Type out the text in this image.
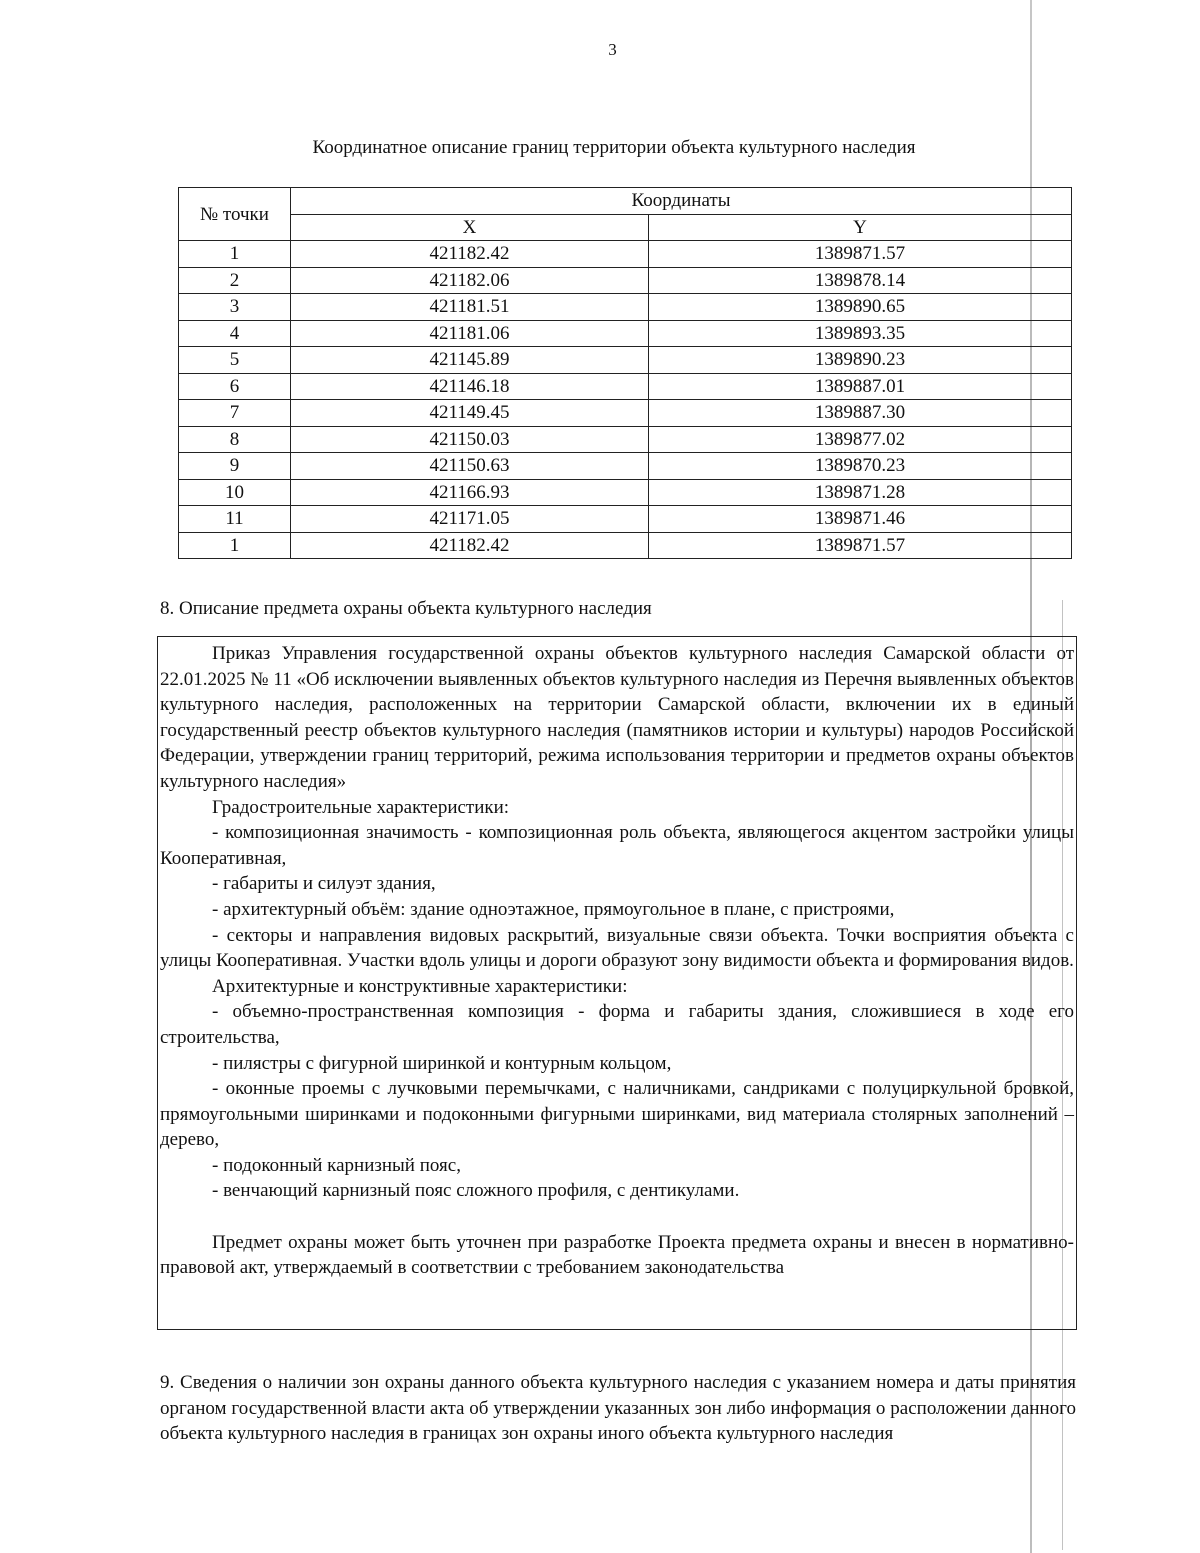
3
Координатное описание границ территории объекта культурного наследия
№ точки	Координаты	
	X	Y
1	421182.42	1389871.57
2	421182.06	1389878.14
3	421181.51	1389890.65
4	421181.06	1389893.35
5	421145.89	1389890.23
6	421146.18	1389887.01
7	421149.45	1389887.30
8	421150.03	1389877.02
9	421150.63	1389870.23
10	421166.93	1389871.28
11	421171.05	1389871.46
1	421182.42	1389871.57
8. Описание предмета охраны объекта культурного наследия

Приказ Управления государственной охраны объектов культурного наследия Самарской области от 22.01.2025 № 11 «Об исключении выявленных объектов культурного наследия из Перечня выявленных объектов культурного наследия, расположенных на территории Самарской области, включении их в единый государственный реестр объектов культурного наследия (памятников истории и культуры) народов Российской Федерации, утверждении границ территорий, режима использования территории и предметов охраны объектов культурного наследия»

Градостроительные характеристики:

- композиционная значимость - композиционная роль объекта, являющегося акцентом застройки улицы Кооперативная,

- габариты и силуэт здания,

- архитектурный объём: здание одноэтажное, прямоугольное в плане, с пристроями,

- секторы и направления видовых раскрытий, визуальные связи объекта. Точки восприятия объекта с улицы Кооперативная. Участки вдоль улицы и дороги образуют зону видимости объекта и формирования видов.

Архитектурные и конструктивные характеристики:

- объемно-пространственная композиция - форма и габариты здания, сложившиеся в ходе его строительства,

- пилястры с фигурной ширинкой и контурным кольцом,

- оконные проемы с лучковыми перемычками, с наличниками, сандриками с полуциркульной бровкой, прямоугольными ширинками и подоконными фигурными ширинками, вид материала столярных заполнений – дерево,

- подоконный карнизный пояс,

- венчающий карнизный пояс сложного профиля, с дентикулами.

Предмет охраны может быть уточнен при разработке Проекта предмета охраны и внесен в нормативно-правовой акт, утверждаемый в соответствии с требованием законодательства

9. Сведения о наличии зон охраны данного объекта культурного наследия с указанием номера и даты принятия органом государственной власти акта об утверждении указанных зон либо информация о расположении данного объекта культурного наследия в границах зон охраны иного объекта культурного наследия
